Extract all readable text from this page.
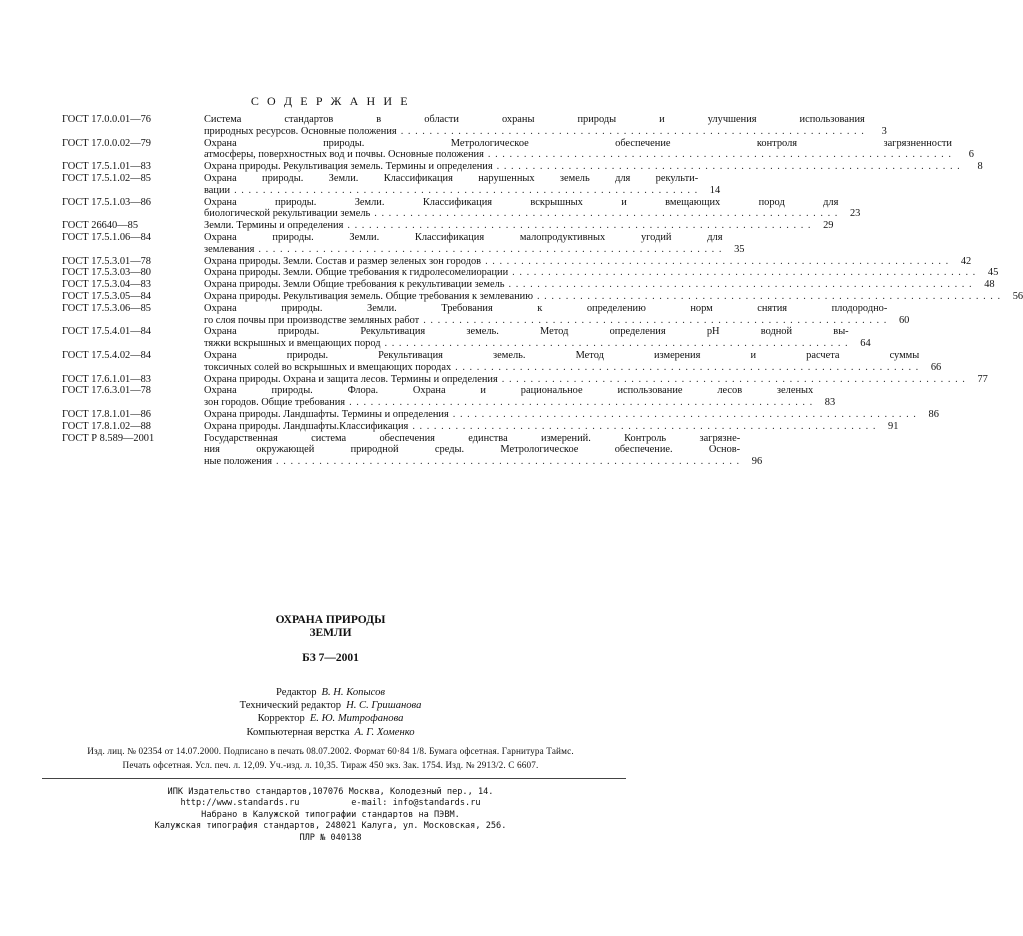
С О Д Е Р Ж А Н И Е
ГОСТ 17.0.0.01—76	Система стандартов в области охраны природы и улучшения использования
природных ресурсов. Основные положения . . .	3
ГОСТ 17.0.0.02—79	Охрана природы. Метрологическое обеспечение контроля загрязненности
атмосферы, поверхностных вод и почвы. Основные положения . . .	6
ГОСТ 17.5.1.01—83	Охрана природы. Рекультивация земель. Термины и определения . . .	8
ГОСТ 17.5.1.02—85	Охрана природы. Земли. Классификация нарушенных земель для рекульти-
вации . . .	14
ГОСТ 17.5.1.03—86	Охрана природы. Земли. Классификация вскрышных и вмещающих пород для
биологической рекультивации земель . . .	23
ГОСТ 26640—85	Земли. Термины и определения . . .	29
ГОСТ 17.5.1.06—84	Охрана природы. Земли. Классификация малопродуктивных угодий для
землевания . . .	35
ГОСТ 17.5.3.01—78	Охрана природы. Земли. Состав и размер зеленых зон городов . . .	42
ГОСТ 17.5.3.03—80	Охрана природы. Земли. Общие требования к гидролесомелиорации . . .	45
ГОСТ 17.5.3.04—83	Охрана природы. Земли Общие требования к рекультивации земель . . .	48
ГОСТ 17.5.3.05—84	Охрана природы. Рекультивация земель. Общие требования к землеванию . . .	56
ГОСТ 17.5.3.06—85	Охрана природы. Земли. Требования к определению норм снятия плодородно-
го слоя почвы при производстве земляных работ . . .	60
ГОСТ 17.5.4.01—84	Охрана природы. Рекультивация земель. Метод определения pH водной вы-
тяжки вскрышных и вмещающих пород . . .	64
ГОСТ 17.5.4.02—84	Охрана природы. Рекультивация земель. Метод измерения и расчета суммы
токсичных солей во вскрышных и вмещающих породах . . .	66
ГОСТ 17.6.1.01—83	Охрана природы. Охрана и защита лесов. Термины и определения . . .	77
ГОСТ 17.6.3.01—78	Охрана природы. Флора. Охрана и рациональное использование лесов зеленых
зон городов. Общие требования . . .	83
ГОСТ 17.8.1.01—86	Охрана природы. Ландшафты. Термины и определения . . .	86
ГОСТ 17.8.1.02—88	Охрана природы. Ландшафты.Классификация . . .	91
ГОСТ Р 8.589—2001	Государственная система обеспечения единства измерений. Контроль загрязне-
ния окружающей природной среды. Метрологическое обеспечение. Основ-
ные положения . . .	96
ОХРАНА ПРИРОДЫ
ЗЕМЛИ
БЗ 7—2001
Редактор В. Н. Копысов
Технический редактор Н. С. Гришанова
Корректор Е. Ю. Митрофанова
Компьютерная верстка А. Г. Хоменко
Изд. лиц. № 02354 от 14.07.2000. Подписано в печать 08.07.2002. Формат 60·84 1/8. Бумага офсетная. Гарнитура Таймс.
Печать офсетная. Усл. печ. л. 12,09. Уч.-изд. л. 10,35. Тираж 450 экз. Зак. 1754. Изд. № 2913/2. С 6607.
ИПК Издательство стандартов,107076 Москва, Колодезный пер., 14.
http://www.standards.ru          e-mail: info@standards.ru
Набрано в Калужской типографии стандартов на ПЭВМ.
Калужская типография стандартов, 248021 Калуга, ул. Московская, 256.
ПЛР № 040138
